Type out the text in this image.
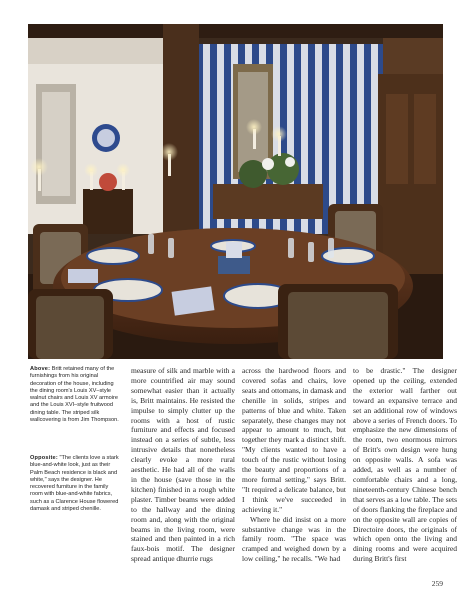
Above: Britt retained many of the furnishings from his original decoration of the house, including the dining room's Louis XV–style walnut chairs and Louis XV armoire and the Louis XVI–style fruitwood dining table. The striped silk wallcovering is from Jim Thompson.
Opposite: "The clients love a stark blue-and-white look, just as their Palm Beach residence is black and white," says the designer. He recovered furniture in the family room with blue-and-white fabrics, such as a Clarence House flowered damask and striped chenille.

measure of silk and marble with a more countrified air may sound somewhat easier than it actually is, Britt maintains. He resisted the impulse to simply clutter up the rooms with a host of rustic furniture and effects and focused instead on a series of subtle, less intrusive details that nonetheless clearly evoke a more rural aesthetic. He had all of the walls in the house (save those in the kitchen) finished in a rough white plaster. Timber beams were added to the hallway and the dining room and, along with the original beams in the living room, were stained and then painted in a rich faux-bois motif. The designer spread antique dhurrie rugs

across the hardwood floors and covered sofas and chairs, love seats and ottomans, in damask and chenille in solids, stripes and patterns of blue and white. Taken separately, these changes may not appear to amount to much, but together they mark a distinct shift. "My clients wanted to have a touch of the rustic without losing the beauty and proportions of a more formal setting," says Britt. "It required a delicate balance, but I think we've succeeded in achieving it."

Where he did insist on a more substantive change was in the family room. "The space was cramped and weighed down by a low ceiling," he recalls. "We had

to be drastic." The designer opened up the ceiling, extended the exterior wall farther out toward an expansive terrace and set an additional row of windows above a series of French doors. To emphasize the new dimensions of the room, two enormous mirrors of Britt's own design were hung on opposite walls. A sofa was added, as well as a number of comfortable chairs and a long, nineteenth-century Chinese bench that serves as a low table. The sets of doors flanking the fireplace and on the opposite wall are copies of Directoire doors, the originals of which open onto the living and dining rooms and were acquired during Britt's first

259
